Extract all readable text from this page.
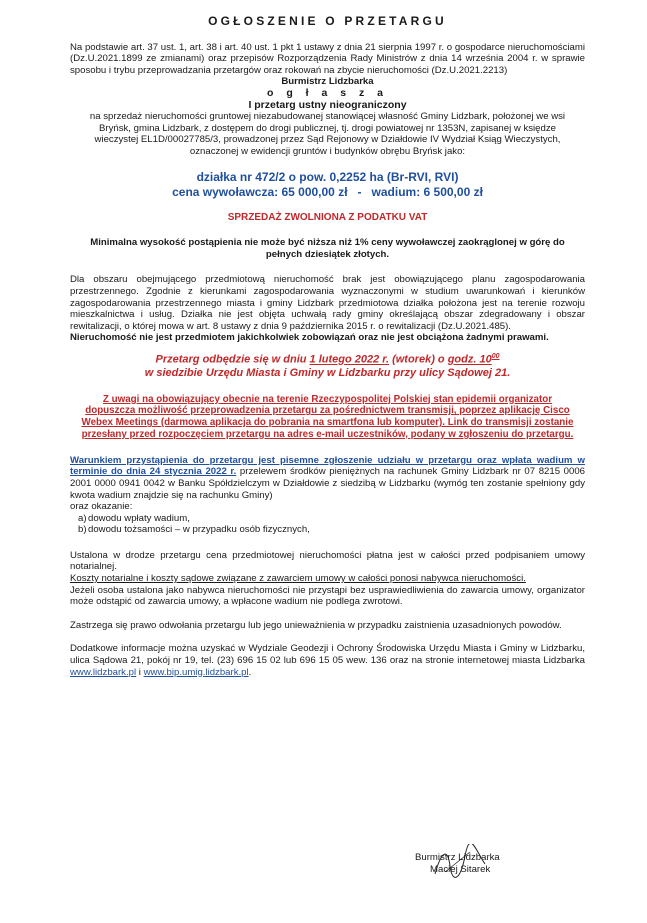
OGŁOSZENIE O PRZETARGU

Na podstawie art. 37 ust. 1, art. 38 i art. 40 ust. 1 pkt 1 ustawy z dnia 21 sierpnia 1997 r. o gospodarce nieruchomościami (Dz.U.2021.1899 ze zmianami) oraz przepisów Rozporządzenia Rady Ministrów z dnia 14 września 2004 r. w sprawie sposobu i trybu przeprowadzania przetargów oraz rokowań na zbycie nieruchomości (Dz.U.2021.2213)

Burmistrz Lidzbarka

o g ł a s z a

I przetarg ustny nieograniczony

na sprzedaż nieruchomości gruntowej niezabudowanej stanowiącej własność Gminy Lidzbark, położonej we wsi Bryńsk, gmina Lidzbark, z dostępem do drogi publicznej, tj. drogi powiatowej nr 1353N, zapisanej w księdze wieczystej EL1D/00027785/3, prowadzonej przez Sąd Rejonowy w Działdowie IV Wydział Ksiąg Wieczystych, oznaczonej w ewidencji gruntów i budynków obrębu Bryńsk jako:

działka nr 472/2 o pow. 0,2252 ha (Br-RVI, RVI)

cena wywoławcza: 65 000,00 zł   -   wadium: 6 500,00 zł

SPRZEDAŻ ZWOLNIONA Z PODATKU VAT

Minimalna wysokość postąpienia nie może być niższa niż 1% ceny wywoławczej zaokrąglonej w górę do pełnych dziesiątek złotych.

Dla obszaru obejmującego przedmiotową nieruchomość brak jest obowiązującego planu zagospodarowania przestrzennego. Zgodnie z kierunkami zagospodarowania wyznaczonymi w studium uwarunkowań i kierunków zagospodarowania przestrzennego miasta i gminy Lidzbark przedmiotowa działka położona jest na terenie rozwoju mieszkalnictwa i usług. Działka nie jest objęta uchwałą rady gminy określającą obszar zdegradowany i obszar rewitalizacji, o której mowa w art. 8 ustawy z dnia 9 października 2015 r. o rewitalizacji (Dz.U.2021.485).

Nieruchomość nie jest przedmiotem jakichkolwiek zobowiązań oraz nie jest obciążona żadnymi prawami.

Przetarg odbędzie się w dniu 1 lutego 2022 r. (wtorek) o godz. $10^{00}$

w siedzibie Urzędu Miasta i Gminy w Lidzbarku przy ulicy Sądowej 21.

Z uwagi na obowiązujący obecnie na terenie Rzeczypospolitej Polskiej stan epidemii organizator dopuszcza możliwość przeprowadzenia przetargu za pośrednictwem transmisji, poprzez aplikację Cisco Webex Meetings (darmowa aplikacja do pobrania na smartfona lub komputer). Link do transmisji zostanie przesłany przed rozpoczęciem przetargu na adres e-mail uczestników, podany w zgłoszeniu do przetargu.

Warunkiem przystąpienia do przetargu jest pisemne zgłoszenie udziału w przetargu oraz wpłata wadium w terminie do dnia 24 stycznia 2022 r. przelewem środków pieniężnych na rachunek Gminy Lidzbark nr 07 8215 0006 2001 0000 0941 0042 w Banku Spółdzielczym w Działdowie z siedzibą w Lidzbarku (wymóg ten zostanie spełniony gdy kwota wadium znajdzie się na rachunku Gminy)

oraz okazanie:

a) dowodu wpłaty wadium,
b) dowodu tożsamości – w przypadku osób fizycznych,

Ustalona w drodze przetargu cena przedmiotowej nieruchomości płatna jest w całości przed podpisaniem umowy notarialnej.

Koszty notarialne i koszty sądowe związane z zawarciem umowy w całości ponosi nabywca nieruchomości.

Jeżeli osoba ustalona jako nabywca nieruchomości nie przystąpi bez usprawiedliwienia do zawarcia umowy, organizator może odstąpić od zawarcia umowy, a wpłacone wadium nie podlega zwrotowi.

Zastrzega się prawo odwołania przetargu lub jego unieważnienia w przypadku zaistnienia uzasadnionych powodów.

Dodatkowe informacje można uzyskać w Wydziale Geodezji i Ochrony Środowiska Urzędu Miasta i Gminy w Lidzbarku, ulica Sądowa 21, pokój nr 19, tel. (23) 696 15 02 lub 696 15 05 wew. 136 oraz na stronie internetowej miasta Lidzbarka www.lidzbark.pl i www.bip.umig.lidzbark.pl.

Burmistrz Lidzbarka
Maciej Sitarek
